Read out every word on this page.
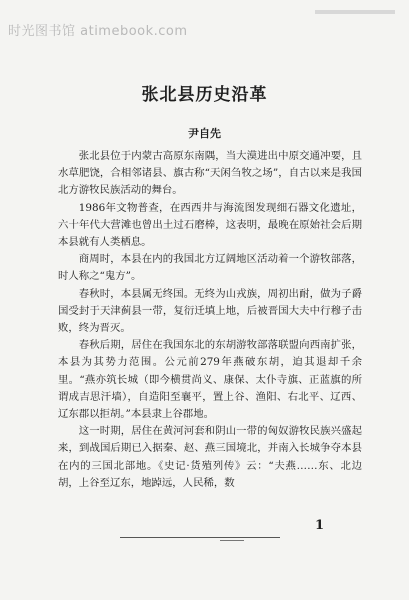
时光图书馆 atimebook.com
张北县历史沿革
尹自先

张北县位于内蒙古高原东南隅，当大漠进出中原交通冲要，且水草肥饶，合相邻诸县、旗古称“天闲刍牧之场”，自古以来是我国北方游牧民族活动的舞台。

1986年文物普查，在西西井与海流图发现细石器文化遗址，六十年代大营滩也曾出土过石磨棒，这表明，最晚在原始社会后期本县就有人类栖息。

商周时，本县在内的我国北方辽阔地区活动着一个游牧部落，时人称之“鬼方”。

春秋时，本县属无终国。无终为山戎族，周初出耐，做为子爵国受封于天津蓟县一带，复衍迁填上地，后被晋国大夫中行穆子击败，终为晋灭。

春秋后期，居住在我国东北的东胡游牧部落联盟向西南扩张，本县为其势力范围。公元前279年燕破东胡，迫其退却千余里。“燕亦筑长城（即今横贯尚义、康保、太仆寺旗、正蓝旗的所谓成吉思汗墙），自造阳至襄平，置上谷、渔阳、右北平、辽西、辽东郡以拒胡。”本县隶上谷郡地。

这一时期，居住在黄河河套和阴山一带的匈奴游牧民族兴盛起来，到战国后期已入据秦、赵、燕三国境北，并南入长城争夺本县在内的三国北部地。《史记·货殖列传》云：“夫燕……东、北边胡，上谷至辽东，地踔远，人民稀，数

1
